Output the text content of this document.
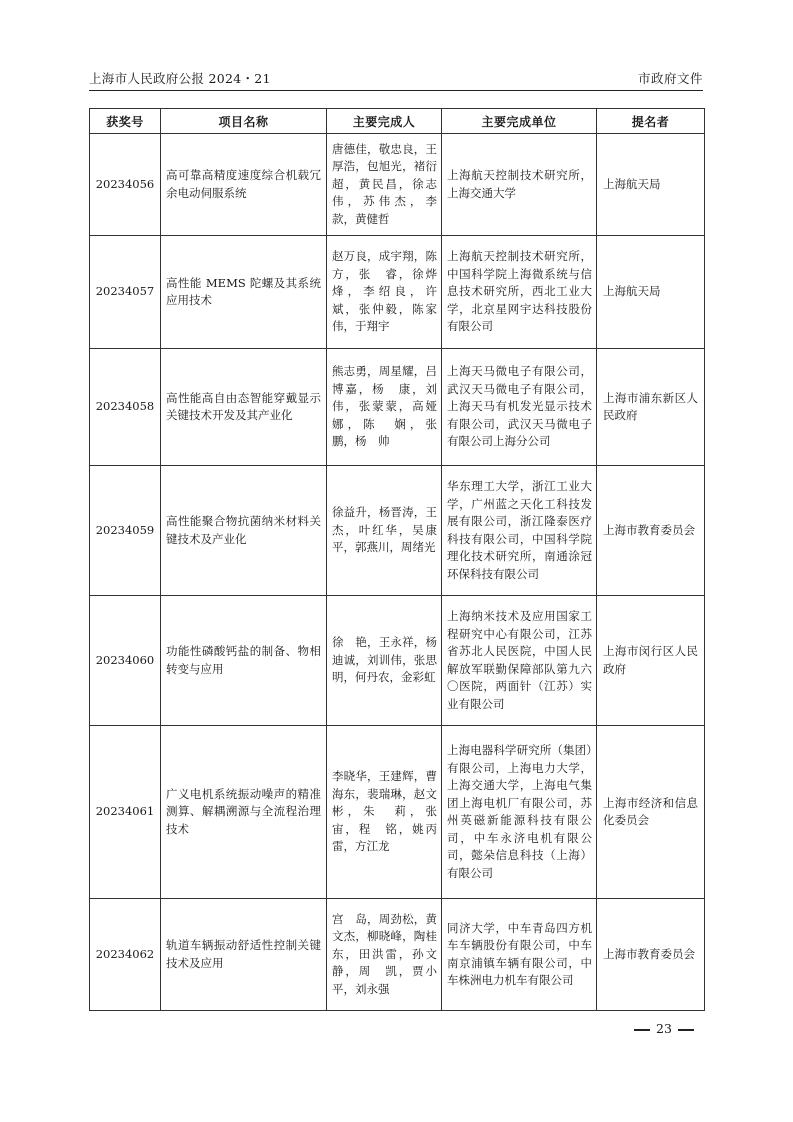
上海市人民政府公报 2024・21	市政府文件
获奖号	项目名称	主要完成人	主要完成单位	提名者
20234056	高可靠高精度速度综合机载冗余电动伺服系统	唐德佳，敬忠良，王厚浩，包旭光，褚衍超，黄民昌，徐志伟，苏伟杰，李　款，黄健哲	上海航天控制技术研究所，上海交通大学	上海航天局
20234057	高性能 MEMS 陀螺及其系统应用技术	赵万良，成宇翔，陈　方，张　睿，徐烨烽，李绍良，许　斌，张仲毅，陈家伟，于翔宇	上海航天控制技术研究所，中国科学院上海微系统与信息技术研究所，西北工业大学，北京星网宇达科技股份有限公司	上海航天局
20234058	高性能高自由态智能穿戴显示关键技术开发及其产业化	熊志勇，周星耀，吕博嘉，杨　康，刘　伟，张蒙蒙，高娅娜，陈　娴，张　鹏，杨　帅	上海天马微电子有限公司，武汉天马微电子有限公司，上海天马有机发光显示技术有限公司，武汉天马微电子有限公司上海分公司	上海市浦东新区人民政府
20234059	高性能聚合物抗菌纳米材料关键技术及产业化	徐益升，杨晋涛，王　杰，叶红华，吴康平，郭燕川，周绪光	华东理工大学，浙江工业大学，广州蓝之天化工科技发展有限公司，浙江隆泰医疗科技有限公司，中国科学院理化技术研究所，南通涂冠环保科技有限公司	上海市教育委员会
20234060	功能性磷酸钙盐的制备、物相转变与应用	徐　艳，王永祥，杨迪诚，刘训伟，张思明，何丹农，金彩虹	上海纳米技术及应用国家工程研究中心有限公司，江苏省苏北人民医院，中国人民解放军联勤保障部队第九六〇医院，两面针（江苏）实业有限公司	上海市闵行区人民政府
20234061	广义电机系统振动噪声的精准测算、解耦溯源与全流程治理技术	李晓华，王建辉，曹海东，裴瑞琳，赵文彬，朱　莉，张　宙，程　铭，姚丙雷，方江龙	上海电器科学研究所（集团）有限公司，上海电力大学，上海交通大学，上海电气集团上海电机厂有限公司，苏州英磁新能源科技有限公司，中车永济电机有限公司，懿朵信息科技（上海）有限公司	上海市经济和信息化委员会
20234062	轨道车辆振动舒适性控制关键技术及应用	宫　岛，周劲松，黄文杰，柳晓峰，陶桂东，田洪雷，孙文静，周　凯，贾小平，刘永强	同济大学，中车青岛四方机车车辆股份有限公司，中车南京浦镇车辆有限公司，中车株洲电力机车有限公司	上海市教育委员会
23
